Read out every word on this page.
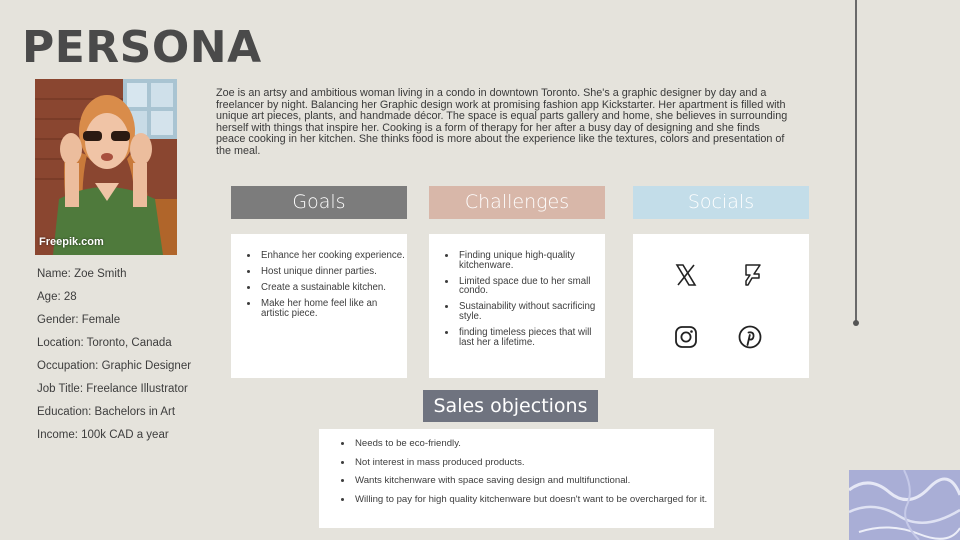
PERSONA
Freepik.com
Name: Zoe Smith
Age: 28
Gender: Female
Location: Toronto, Canada
Occupation: Graphic Designer
Job Title: Freelance Illustrator
Education: Bachelors in Art
Income: 100k CAD a year

Zoe is an artsy and ambitious woman living in a condo in downtown Toronto. She's a graphic designer by day and a freelancer by night. Balancing her Graphic design work at promising fashion app Kickstarter. Her apartment is filled with unique art pieces, plants, and handmade décor. The space is equal parts gallery and home, she believes in surrounding herself with things that inspire her. Cooking is a form of therapy for her after a busy day of designing and she finds peace cooking in her kitchen. She thinks food is more about the experience like the textures, colors and presentation of the meal.

Goals	Challenges	Socials
• Enhance her cooking experience.
• Host unique dinner parties.
• Create a sustainable kitchen.
• Make her home feel like an artistic piece.
• Finding unique high-quality kitchenware.
• Limited space due to her small condo.
• Sustainability without sacrificing style.
• finding timeless pieces that will last her a lifetime.
Sales objections
• Needs to be eco-friendly.
• Not interest in mass produced products.
• Wants kitchenware with space saving design and multifunctional.
• Willing to pay for high quality kitchenware but doesn't want to be overcharged for it.
